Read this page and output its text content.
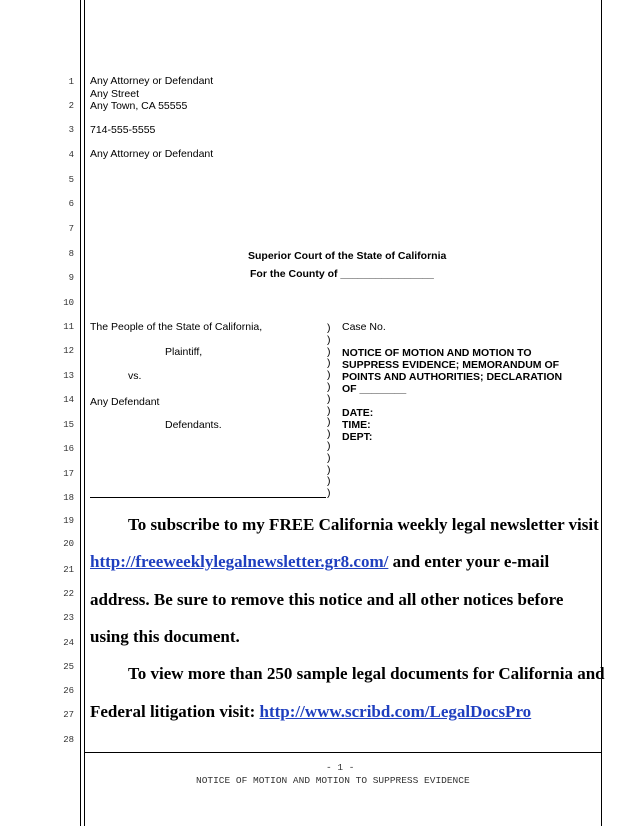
1
2
3
4
5
6
7
8
9
10
11
12
13
14
15
16
17
18
19
20
21
22
23
24
25
26
27
28
Any Attorney or Defendant
Any Street
Any Town, CA 55555
714-555-5555
Any Attorney or Defendant
Superior Court of the State of California
For the County of ________________
The People of the State of California,
Plaintiff,
vs.
Any Defendant
Defendants.
)
)
)
)
)
)
)
)
)
)
)
)
)
)
)
Case No.
NOTICE OF MOTION AND MOTION TO
SUPPRESS EVIDENCE; MEMORANDUM OF
POINTS AND AUTHORITIES; DECLARATION
OF ________
DATE:
TIME:
DEPT:
To subscribe to my FREE California weekly legal newsletter visit
http://freeweeklylegalnewsletter.gr8.com/ and enter your e-mail
address. Be sure to remove this notice and all other notices before
using this document.
To view more than 250 sample legal documents for California and
Federal litigation visit: http://www.scribd.com/LegalDocsPro
- 1 -
NOTICE OF MOTION AND MOTION TO SUPPRESS EVIDENCE
